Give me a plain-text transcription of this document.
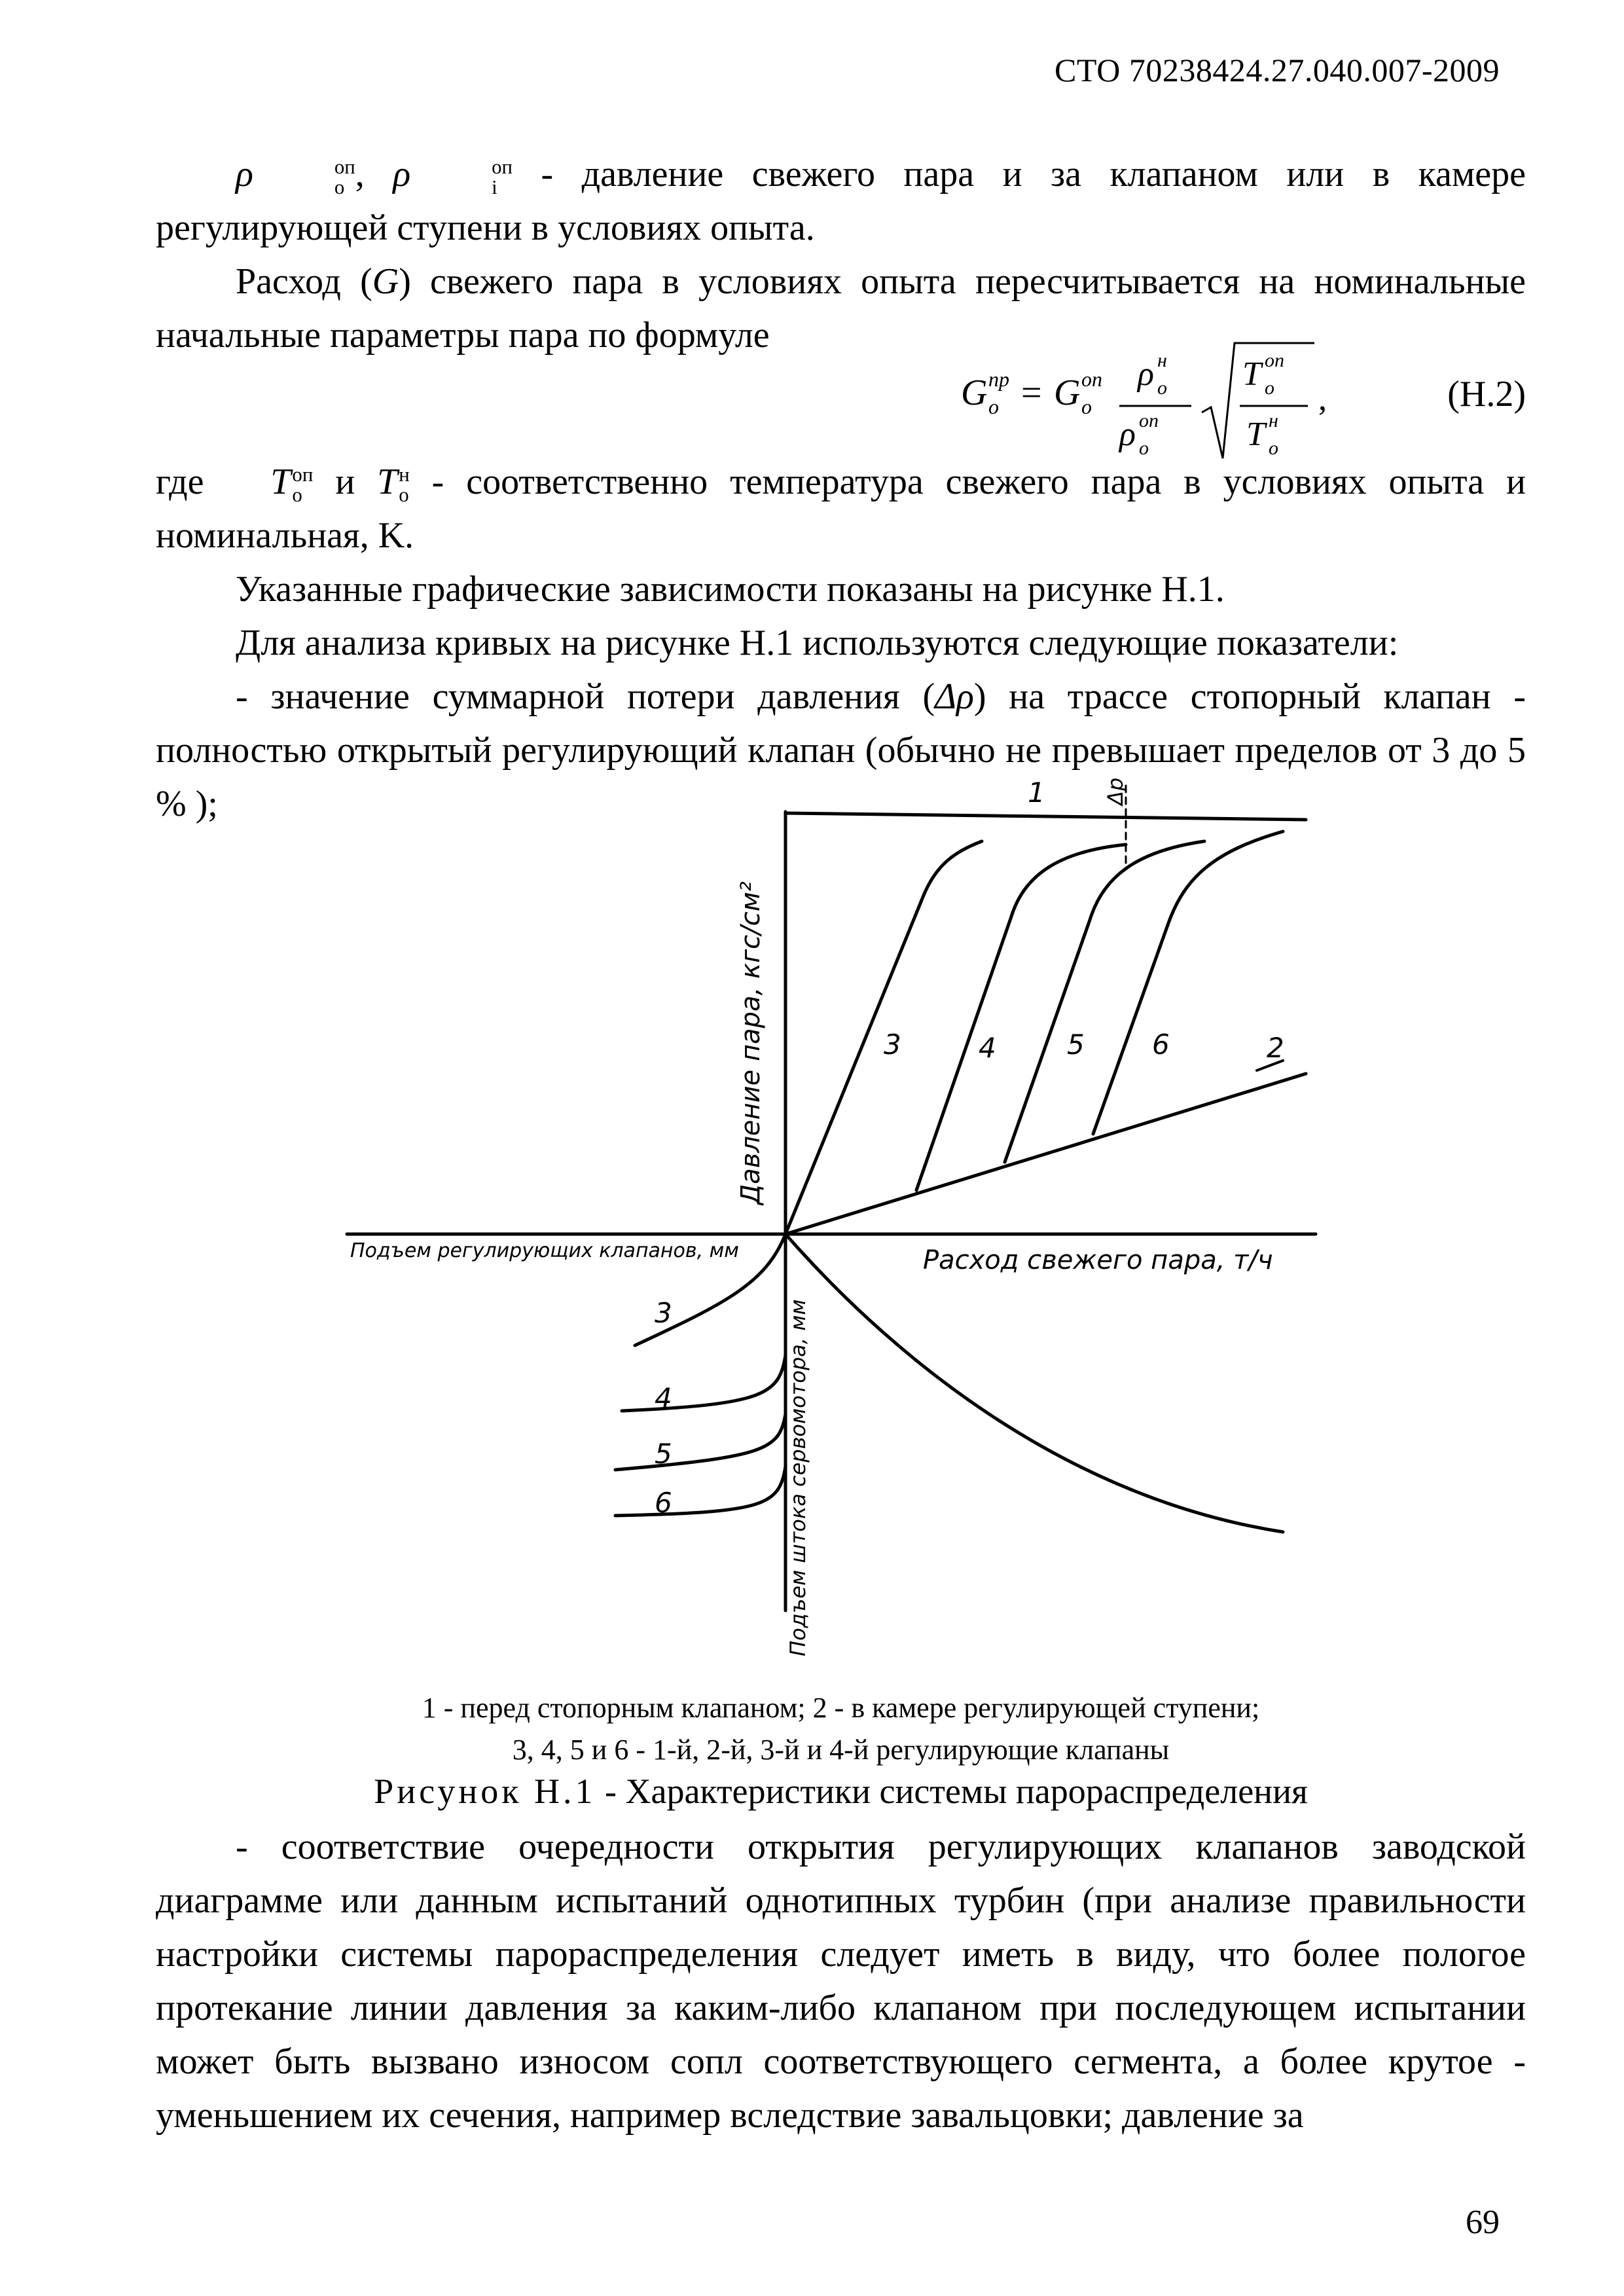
СТО 70238424.27.040.007-2009

ρ	оп
о , ρ	оп
i - давление свежего пара и за клапаном или в камере регулирующей ступени в условиях опыта.

Расход (G) свежего пара в условиях опыта пересчитывается на номинальные начальные параметры пара по формуле

G пр
о = G оп
о
ρ н
о
ρ оп
о
T оп
о
T н
о
,	(Н.2)

где T оп
о и T н
о - соответственно температура свежего пара в условиях опыта и номинальная, K.

Указанные графические зависимости показаны на рисунке Н.1.

Для анализа кривых на рисунке Н.1 используются следующие показатели:

- значение суммарной потери давления (Δρ) на трассе стопорный клапан - полностью открытый регулирующий клапан (обычно не превышает пределов от 3 до 5 % );	1
2
3	4	5 6
3
4
5
6
Δр
Давление пара, кгс/см²
Расход свежего пара, т/ч
Подъем регулирующих клапанов, мм
Подъем штока сервомотора, мм
1 - перед стопорным клапаном; 2 - в камере регулирующей ступени;
3, 4, 5 и 6 - 1-й, 2-й, 3-й и 4-й регулирующие клапаны
Рисунок Н.1 - Характеристики системы парораспределения

- соответствие очередности открытия регулирующих клапанов заводской диаграмме или данным испытаний однотипных турбин (при анализе правильности настройки системы парораспределения следует иметь в виду, что более пологое протекание линии давления за каким-либо клапаном при последующем испытании может быть вызвано износом сопл соответствующего сегмента, а более крутое - уменьшением их сечения, например вследствие завальцовки; давление за

69
